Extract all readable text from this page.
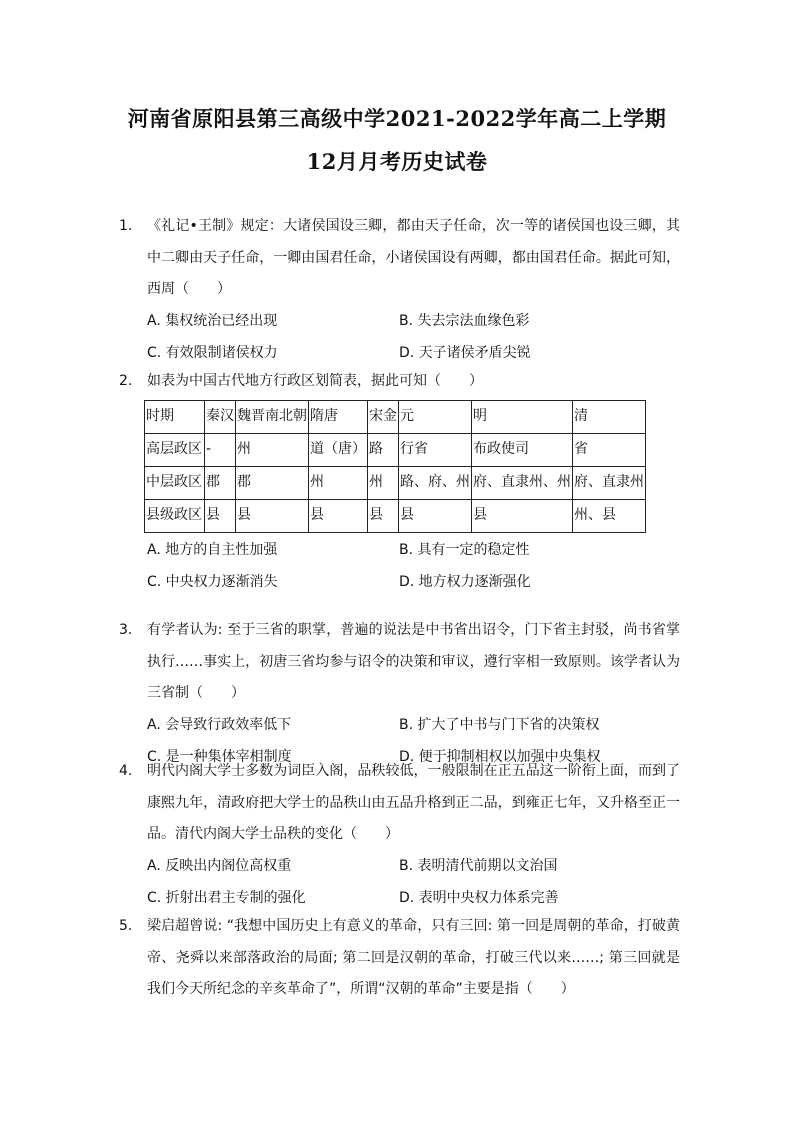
河南省原阳县第三高级中学2021-2022学年高二上学期
12月月考历史试卷
1.	《礼记•王制》规定：大诸侯国设三卿，都由天子任命，次一等的诸侯国也设三卿，其中二卿由天子任命，一卿由国君任命，小诸侯国设有两卿，都由国君任命。据此可知，西周（　　）
A. 集权统治已经出现	B. 失去宗法血缘色彩
C. 有效限制诸侯权力	D. 天子诸侯矛盾尖锐
2.	如表为中国古代地方行政区划简表，据此可知（　　）
时期	秦汉	魏晋南北朝	隋唐	宋金	元	明	清
高层政区	-	州	道（唐）	路	行省	布政使司	省
中层政区	郡	郡	州	州	路、府、州	府、直隶州、州	府、直隶州
县级政区	县	县	县	县	县	县	州、县
A. 地方的自主性加强	B. 具有一定的稳定性
C. 中央权力逐渐消失	D. 地方权力逐渐强化
3.	有学者认为: 至于三省的职掌，普遍的说法是中书省出诏令，门下省主封驳，尚书省掌执行……事实上，初唐三省均参与诏令的决策和审议，遵行宰相一致原则。该学者认为三省制（　　）
A. 会导致行政效率低下	B. 扩大了中书与门下省的决策权
C. 是一种集体宰相制度	D. 便于抑制相权以加强中央集权
4.	明代内阁大学士多数为词臣入阁，品秩较低，一般限制在正五品这一阶衔上面，而到了康熙九年，清政府把大学士的品秩山由五品升格到正二品，到雍正七年，又升格至正一品。清代内阁大学士品秩的变化（　　）
A. 反映出内阁位高权重	B. 表明清代前期以文治国
C. 折射出君主专制的强化	D. 表明中央权力体系完善
5.	梁启超曾说: “我想中国历史上有意义的革命，只有三回: 第一回是周朝的革命，打破黄帝、尧舜以来部落政治的局面; 第二回是汉朝的革命，打破三代以来……; 第三回就是我们今天所纪念的辛亥革命了”，所谓“汉朝的革命”主要是指（　　）
